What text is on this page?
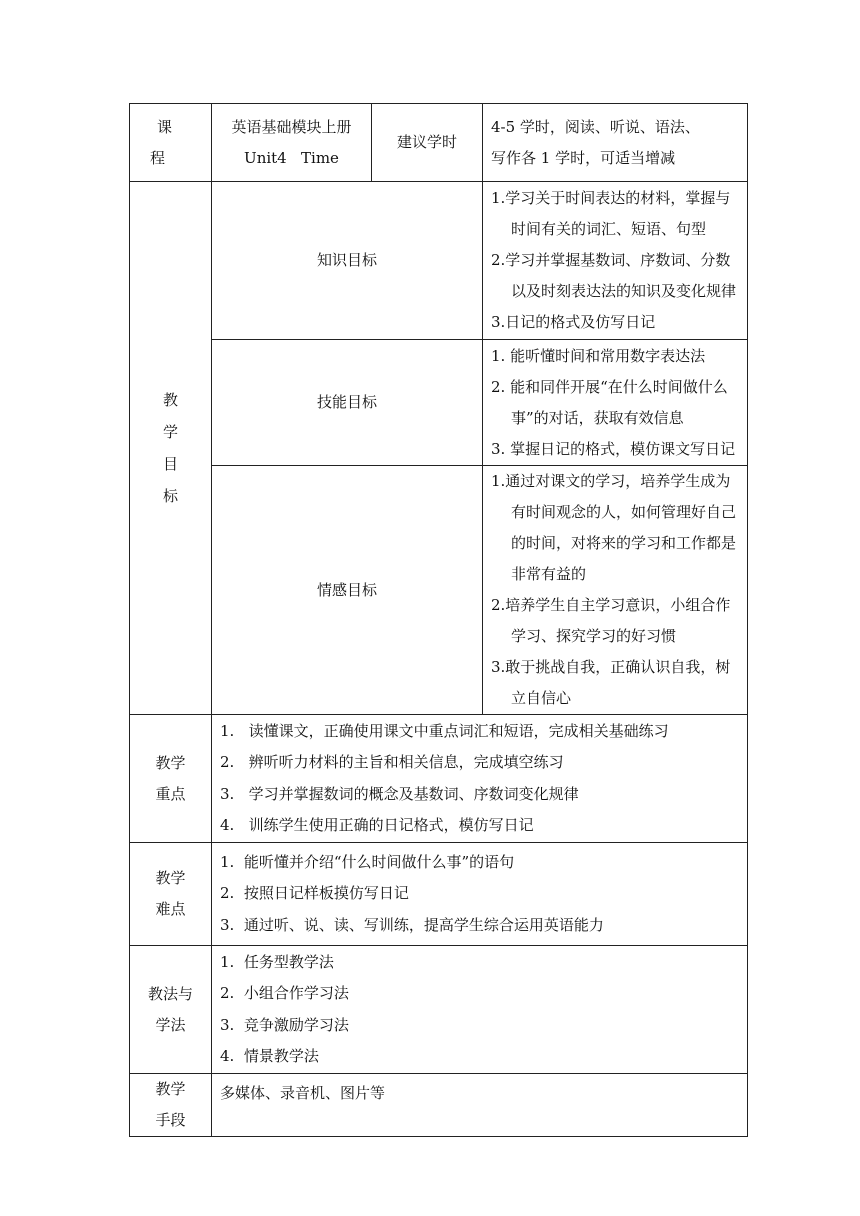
课程	英语基础模块上册
Unit4   Time	建议学时	4-5 学时，阅读、听说、语法、
写作各 1 学时，可适当增减

教
学
目
标	知识目标		1.学习关于时间表达的材料，掌握与时间有关的词汇、短语、句型
2.学习并掌握基数词、序数词、分数以及时刻表达法的知识及变化规律
3.日记的格式及仿写日记

	技能目标		1. 能听懂时间和常用数字表达法
2. 能和同伴开展“在什么时间做什么事”的对话，获取有效信息
3. 掌握日记的格式，模仿课文写日记

	情感目标		1.通过对课文的学习，培养学生成为有时间观念的人，如何管理好自己的时间，对将来的学习和工作都是非常有益的
2.培养学生自主学习意识，小组合作学习、探究学习的好习惯
3.敢于挑战自我，正确认识自我，树立自信心

教学
重点	1.   读懂课文，正确使用课文中重点词汇和短语，完成相关基础练习
2.   辨听听力材料的主旨和相关信息，完成填空练习
3.   学习并掌握数词的概念及基数词、序数词变化规律
4.   训练学生使用正确的日记格式，模仿写日记		

教学
难点	1.  能听懂并介绍“什么时间做什么事”的语句
2.  按照日记样板摸仿写日记
3.  通过听、说、读、写训练，提高学生综合运用英语能力		

教法与
学法	1.  任务型教学法
2.  小组合作学习法
3.  竞争激励学习法
4.  情景教学法		

教学
手段	多媒体、录音机、图片等		
